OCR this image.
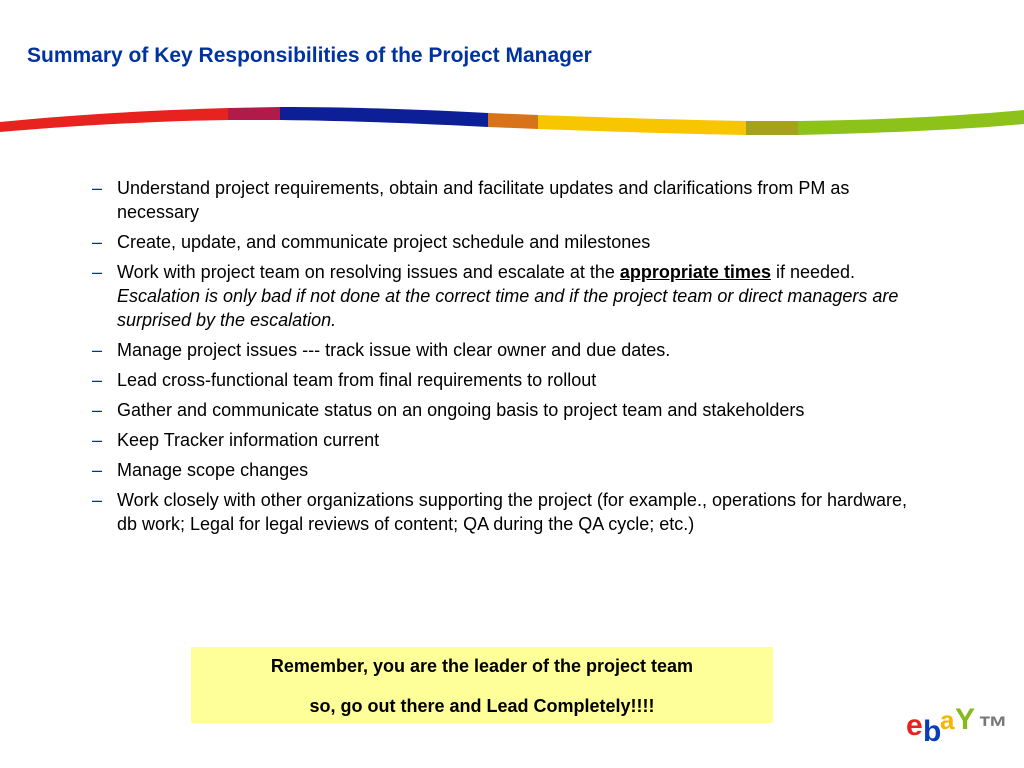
Summary of Key Responsibilities of the Project Manager
– Understand project requirements, obtain and facilitate updates and clarifications from PM as necessary
– Create, update, and communicate project schedule and milestones
– Work with project team on resolving issues and escalate at the appropriate times if needed. Escalation is only bad if not done at the correct time and if the project team or direct managers are surprised by the escalation.
– Manage project issues --- track issue with clear owner and due dates.
– Lead cross-functional team from final requirements to rollout
– Gather and communicate status on an ongoing basis to project team and stakeholders
– Keep Tracker information current
– Manage scope changes
– Work closely with other organizations supporting the project (for example., operations for hardware, db work; Legal for legal reviews of content; QA during the QA cycle; etc.)
Remember, you are the leader of the project team
so, go out there and Lead Completely!!!!
e b
a Y ™
